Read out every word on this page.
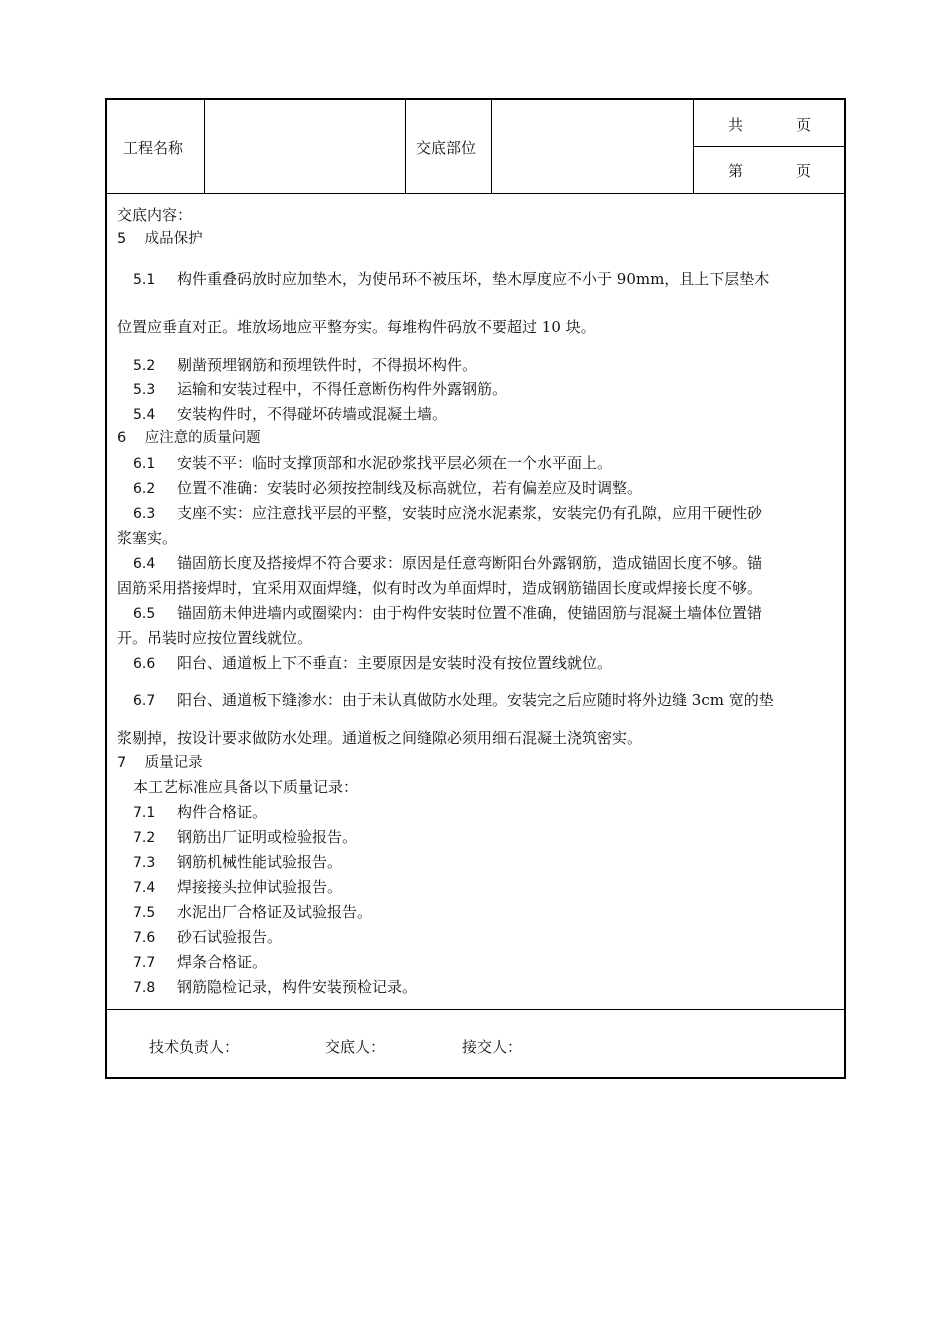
工程名称	交底部位
共	页
第	页
交底内容：
5 成品保护
5.1 构件重叠码放时应加垫木，为使吊环不被压坏，垫木厚度应不小于 90mm，且上下层垫木
位置应垂直对正。堆放场地应平整夯实。每堆构件码放不要超过 10 块。
5.2 剔凿预埋钢筋和预埋铁件时，不得损坏构件。
5.3 运输和安装过程中，不得任意断伤构件外露钢筋。
5.4 安装构件时，不得碰坏砖墙或混凝土墙。
6 应注意的质量问题
6.1 安装不平：临时支撑顶部和水泥砂浆找平层必须在一个水平面上。
6.2 位置不准确：安装时必须按控制线及标高就位，若有偏差应及时调整。
6.3 支座不实：应注意找平层的平整，安装时应浇水泥素浆，安装完仍有孔隙，应用干硬性砂
浆塞实。
6.4 锚固筋长度及搭接焊不符合要求：原因是任意弯断阳台外露钢筋，造成锚固长度不够。锚
固筋采用搭接焊时，宜采用双面焊缝，似有时改为单面焊时，造成钢筋锚固长度或焊接长度不够。
6.5 锚固筋未伸进墙内或圈梁内：由于构件安装时位置不准确，使锚固筋与混凝土墙体位置错
开。吊装时应按位置线就位。
6.6 阳台、通道板上下不垂直：主要原因是安装时没有按位置线就位。
6.7 阳台、通道板下缝渗水：由于未认真做防水处理。安装完之后应随时将外边缝 3cm 宽的垫
浆剔掉，按设计要求做防水处理。通道板之间缝隙必须用细石混凝土浇筑密实。
7 质量记录
本工艺标准应具备以下质量记录：
7.1 构件合格证。
7.2 钢筋出厂证明或检验报告。
7.3 钢筋机械性能试验报告。
7.4 焊接接头拉伸试验报告。
7.5 水泥出厂合格证及试验报告。
7.6 砂石试验报告。
7.7 焊条合格证。
7.8 钢筋隐检记录，构件安装预检记录。
技术负责人：	交底人：	接交人：
